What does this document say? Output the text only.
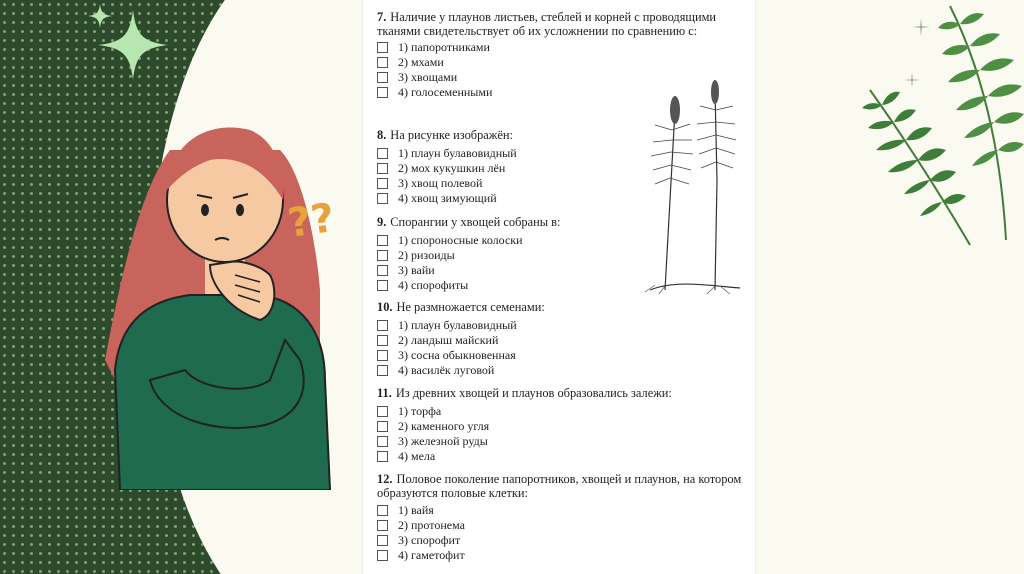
??
7. Наличие у плаунов листьев, стеблей и корней с проводящими тканями свидетельствует об их усложнении по сравнению с:
1) папоротниками
2) мхами
3) хвощами
4) голосеменными
8. На рисунке изображён:
1) плаун булавовидный
2) мох кукушкин лён
3) хвощ полевой
4) хвощ зимующий
9. Спорангии у хвощей собраны в:
1) спороносные колоски
2) ризоиды
3) вайи
4) спорофиты
10. Не размножается семенами:
1) плаун булавовидный
2) ландыш майский
3) сосна обыкновенная
4) василёк луговой
11. Из древних хвощей и плаунов образовались залежи:
1) торфа
2) каменного угля
3) железной руды
4) мела
12. Половое поколение папоротников, хвощей и плаунов, на котором образуются половые клетки:
1) вайя
2) протонема
3) спорофит
4) гаметофит
